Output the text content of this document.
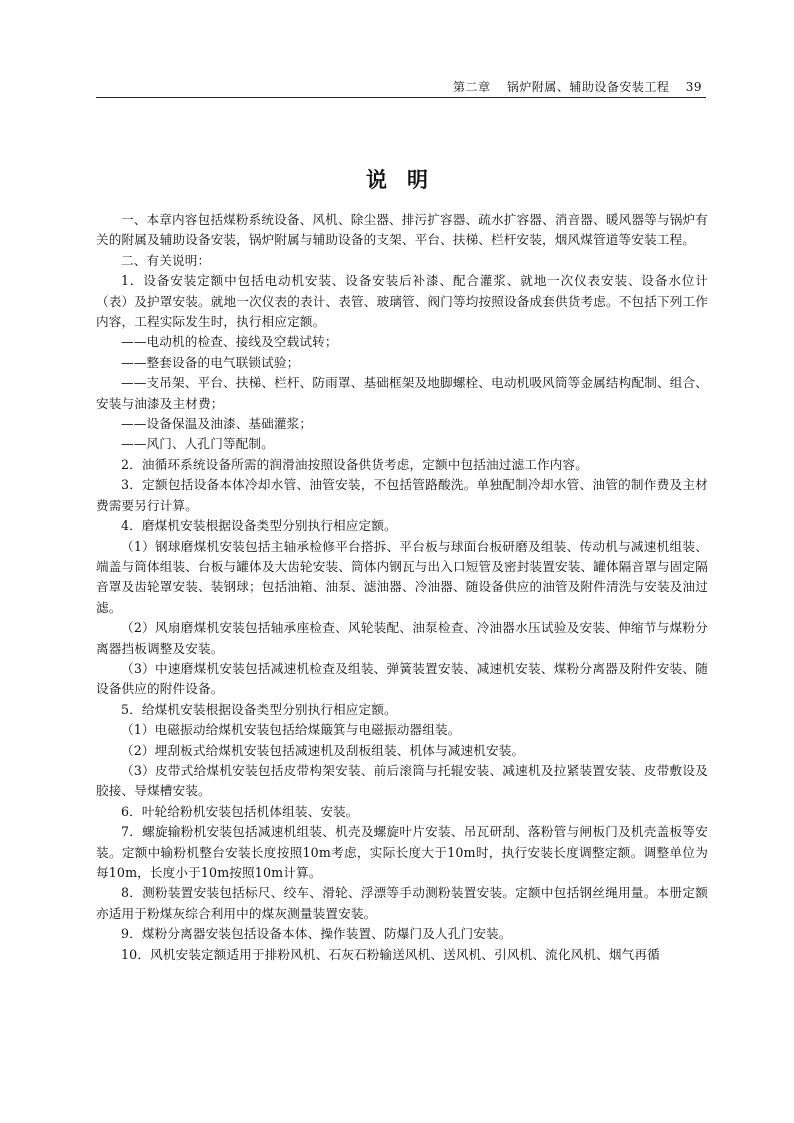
第二章 锅炉附属、辅助设备安装工程 39
说明

一、本章内容包括煤粉系统设备、风机、除尘器、排污扩容器、疏水扩容器、消音器、暖风器等与锅炉有关的附属及辅助设备安装，锅炉附属与辅助设备的支架、平台、扶梯、栏杆安装，烟风煤管道等安装工程。

二、有关说明：

1．设备安装定额中包括电动机安装、设备安装后补漆、配合灌浆、就地一次仪表安装、设备水位计（表）及护罩安装。就地一次仪表的表计、表管、玻璃管、阀门等均按照设备成套供货考虑。不包括下列工作内容，工程实际发生时，执行相应定额。

——电动机的检查、接线及空载试转；

——整套设备的电气联锁试验；

——支吊架、平台、扶梯、栏杆、防雨罩、基础框架及地脚螺栓、电动机吸风筒等金属结构配制、组合、安装与油漆及主材费；

——设备保温及油漆、基础灌浆；

——风门、人孔门等配制。

2．油循环系统设备所需的润滑油按照设备供货考虑，定额中包括油过滤工作内容。

3．定额包括设备本体冷却水管、油管安装，不包括管路酸洗。单独配制冷却水管、油管的制作费及主材费需要另行计算。

4．磨煤机安装根据设备类型分别执行相应定额。

（1）钢球磨煤机安装包括主轴承检修平台搭拆、平台板与球面台板研磨及组装、传动机与减速机组装、端盖与筒体组装、台板与罐体及大齿轮安装、筒体内钢瓦与出入口短管及密封装置安装、罐体隔音罩与固定隔音罩及齿轮罩安装、装钢球；包括油箱、油泵、滤油器、冷油器、随设备供应的油管及附件清洗与安装及油过滤。

（2）风扇磨煤机安装包括轴承座检查、风轮装配、油泵检查、冷油器水压试验及安装、伸缩节与煤粉分离器挡板调整及安装。

（3）中速磨煤机安装包括减速机检查及组装、弹簧装置安装、减速机安装、煤粉分离器及附件安装、随设备供应的附件设备。

5．给煤机安装根据设备类型分别执行相应定额。

（1）电磁振动给煤机安装包括给煤簸箕与电磁振动器组装。

（2）埋刮板式给煤机安装包括减速机及刮板组装、机体与减速机安装。

（3）皮带式给煤机安装包括皮带构架安装、前后滚筒与托辊安装、减速机及拉紧装置安装、皮带敷设及胶接、导煤槽安装。

6．叶轮给粉机安装包括机体组装、安装。

7．螺旋输粉机安装包括减速机组装、机壳及螺旋叶片安装、吊瓦研刮、落粉管与闸板门及机壳盖板等安装。定额中输粉机整台安装长度按照10m考虑，实际长度大于10m时，执行安装长度调整定额。调整单位为每10m，长度小于10m按照10m计算。

8．测粉装置安装包括标尺、绞车、滑轮、浮漂等手动测粉装置安装。定额中包括钢丝绳用量。本册定额亦适用于粉煤灰综合利用中的煤灰测量装置安装。

9．煤粉分离器安装包括设备本体、操作装置、防爆门及人孔门安装。

10．风机安装定额适用于排粉风机、石灰石粉输送风机、送风机、引风机、流化风机、烟气再循
